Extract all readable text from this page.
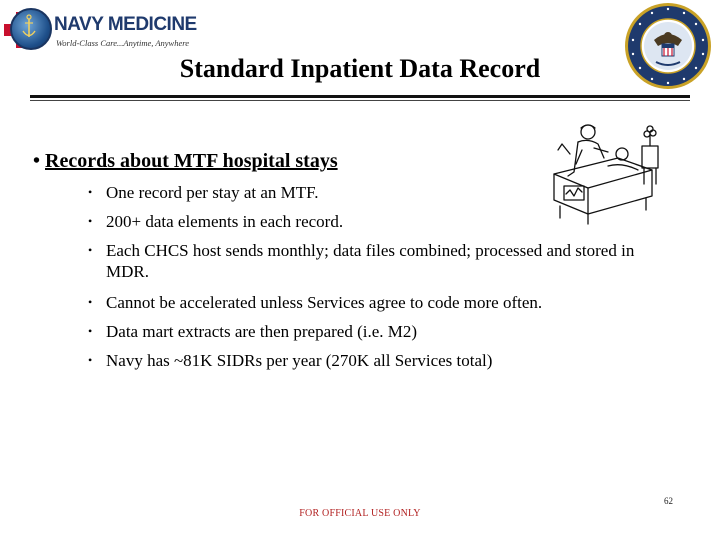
NAVY MEDICINE
World-Class Care...Anytime, Anywhere
Standard Inpatient Data Record
• Records about MTF hospital stays
• One record per stay at an MTF.
• 200+ data elements in each record.
• Each CHCS host sends monthly; data files combined; processed and stored in MDR.
• Cannot be accelerated unless Services agree to code more often.
• Data mart extracts are then prepared (i.e. M2)
• Navy has ~81K SIDRs per year (270K all Services total)
62
FOR OFFICIAL USE ONLY
